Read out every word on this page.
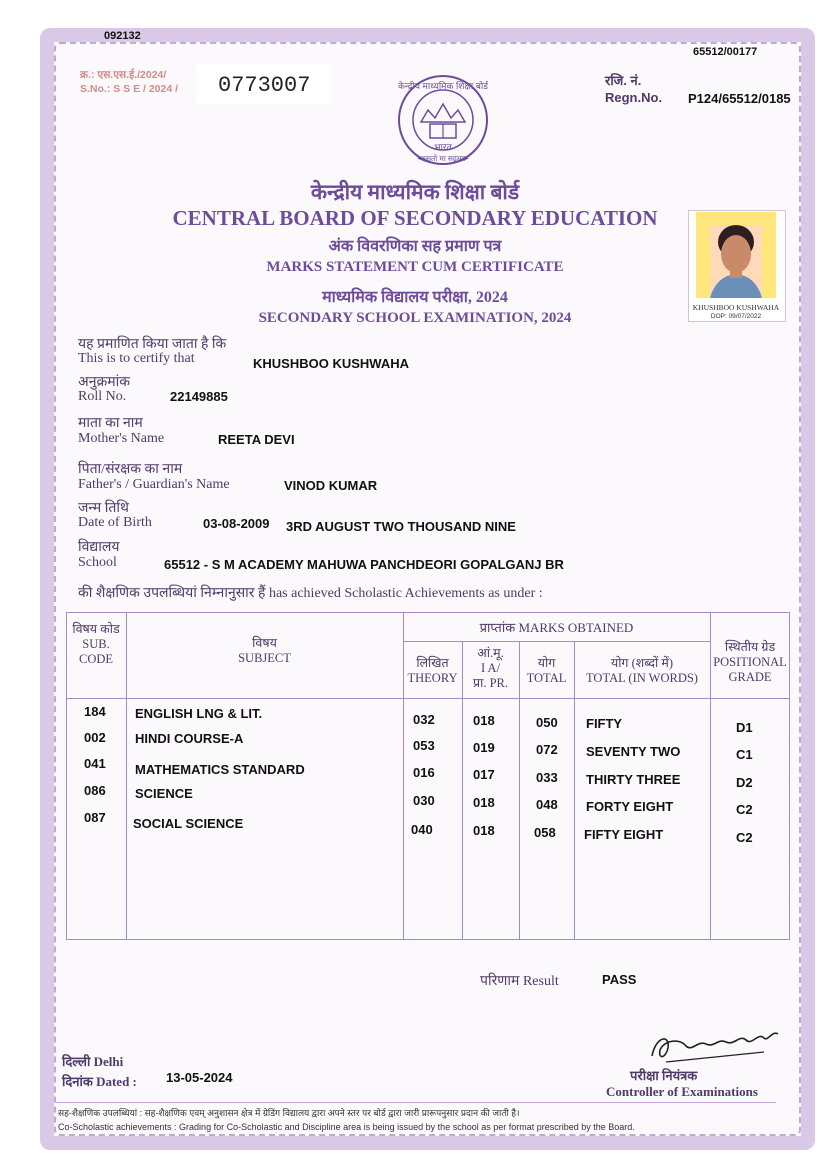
092132
65512/00177
क्र.: एस.एस.ई./2024/
S.No.: S S E / 2024 / 0773007	रजि. नं.
Regn.No. P124/65512/0185
केन्द्रीय माध्यमिक शिक्षा बोर्ड
भारत
असतो मा सद्गमय
केन्द्रीय माध्यमिक शिक्षा बोर्ड
CENTRAL BOARD OF SECONDARY EDUCATION
अंक विवरणिका सह प्रमाण पत्र
MARKS STATEMENT CUM CERTIFICATE
माध्यमिक विद्यालय परीक्षा, 2024
SECONDARY SCHOOL EXAMINATION, 2024
KHUSHBOO KUSHWAHA
DOP: 09/07/2022
यह प्रमाणित किया जाता है कि
This is to certify that	KHUSHBOO KUSHWAHA
अनुक्रमांक
Roll No.	22149885
माता का नाम
Mother's Name	REETA DEVI
पिता/संरक्षक का नाम
Father's / Guardian's Name	VINOD KUMAR
जन्म तिथि
Date of Birth	03-08-2009 3RD AUGUST TWO THOUSAND NINE
विद्यालय
School	65512 - S M ACADEMY MAHUWA PANCHDEORI GOPALGANJ BR
की शैक्षणिक उपलब्धियां निम्नानुसार हैं has achieved Scholastic Achievements as under :
विषय कोड
SUB.
CODE
विषय
SUBJECT
प्राप्तांक MARKS OBTAINED
लिखित
THEORY
आं.मू.
I A/
प्रा. PR.
योग
TOTAL
योग (शब्दों में)
TOTAL (IN WORDS)
स्थितीय ग्रेड
POSITIONAL
GRADE
184 ENGLISH LNG & LIT.	032	018	050 FIFTY	D1
002 HINDI COURSE-A	053	019	072 SEVENTY TWO	C1
041 MATHEMATICS STANDARD	016	017	033 THIRTY THREE	D2
086 SCIENCE	030	018	048 FORTY EIGHT	C2
087 SOCIAL SCIENCE	040	018	058 FIFTY EIGHT	C2
परिणाम Result	PASS
दिल्ली Delhi
दिनांक Dated : 13-05-2024	परीक्षा नियंत्रक
Controller of Examinations
सह-शैक्षणिक उपलब्धियां : सह-शैक्षणिक एवम् अनुशासन क्षेत्र में ग्रेडिंग विद्यालय द्वारा अपने स्तर पर बोर्ड द्वारा जारी प्रारूपनुसार प्रदान की जाती है।
Co-Scholastic achievements : Grading for Co-Scholastic and Discipline area is being issued by the school as per format prescribed by the Board.
